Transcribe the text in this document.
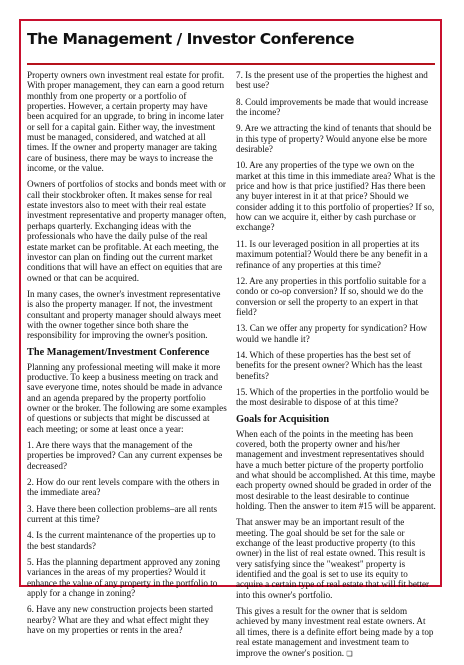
The Management / Investor Conference

Property owners own investment real estate for profit. With proper management, they can earn a good return monthly from one property or a portfolio of properties. However, a certain property may have been acquired for an upgrade, to bring in income later or sell for a capital gain. Either way, the investment must be managed, considered, and watched at all times. If the owner and property manager are taking care of business, there may be ways to increase the income, or the value.

Owners of portfolios of stocks and bonds meet with or call their stockbroker often. It makes sense for real estate investors also to meet with their real estate investment representative and property manager often, perhaps quarterly. Exchanging ideas with the professionals who have the daily pulse of the real estate market can be profitable. At each meeting, the investor can plan on finding out the current market conditions that will have an effect on equities that are owned or that can be acquired.

In many cases, the owner's investment representative is also the property manager. If not, the investment consultant and property manager should always meet with the owner together since both share the responsibility for improving the owner's position.

The Management/Investment Conference

Planning any professional meeting will make it more productive. To keep a business meeting on track and save everyone time, notes should be made in advance and an agenda prepared by the property portfolio owner or the broker. The following are some examples of questions or subjects that might be discussed at each meeting; or some at least once a year:

1. Are there ways that the management of the properties be improved? Can any current expenses be decreased?

2. How do our rent levels compare with the others in the immediate area?

3. Have there been collection problems–are all rents current at this time?

4. Is the current maintenance of the properties up to the best standards?

5. Has the planning department approved any zoning variances in the areas of my properties? Would it enhance the value of any property in the portfolio to apply for a change in zoning?

6. Have any new construction projects been started nearby? What are they and what effect might they have on my properties or rents in the area?

7. Is the present use of the properties the highest and best use?

8. Could improvements be made that would increase the income?

9. Are we attracting the kind of tenants that should be in this type of property? Would anyone else be more desirable?

10. Are any properties of the type we own on the market at this time in this immediate area? What is the price and how is that price justified? Has there been any buyer interest in it at that price? Should we consider adding it to this portfolio of properties? If so, how can we acquire it, either by cash purchase or exchange?

11. Is our leveraged position in all properties at its maximum potential? Would there be any benefit in a refinance of any properties at this time?

12. Are any properties in this portfolio suitable for a condo or co-op conversion? If so, should we do the conversion or sell the property to an expert in that field?

13. Can we offer any property for syndication? How would we handle it?

14. Which of these properties has the best set of benefits for the present owner? Which has the least benefits?

15. Which of the properties in the portfolio would be the most desirable to dispose of at this time?

Goals for Acquisition

When each of the points in the meeting has been covered, both the property owner and his/her management and investment representatives should have a much better picture of the property portfolio and what should be accomplished. At this time, maybe each property owned should be graded in order of the most desirable to the least desirable to continue holding. Then the answer to item #15 will be apparent.

That answer may be an important result of the meeting. The goal should be set for the sale or exchange of the least productive property (to this owner) in the list of real estate owned. This result is very satisfying since the "weakest" property is identified and the goal is set to use its equity to acquire a certain type of real estate that will fit better into this owner's portfolio.

This gives a result for the owner that is seldom achieved by many investment real estate owners. At all times, there is a definite effort being made by a top real estate management and investment team to improve the owner's position. ❏
